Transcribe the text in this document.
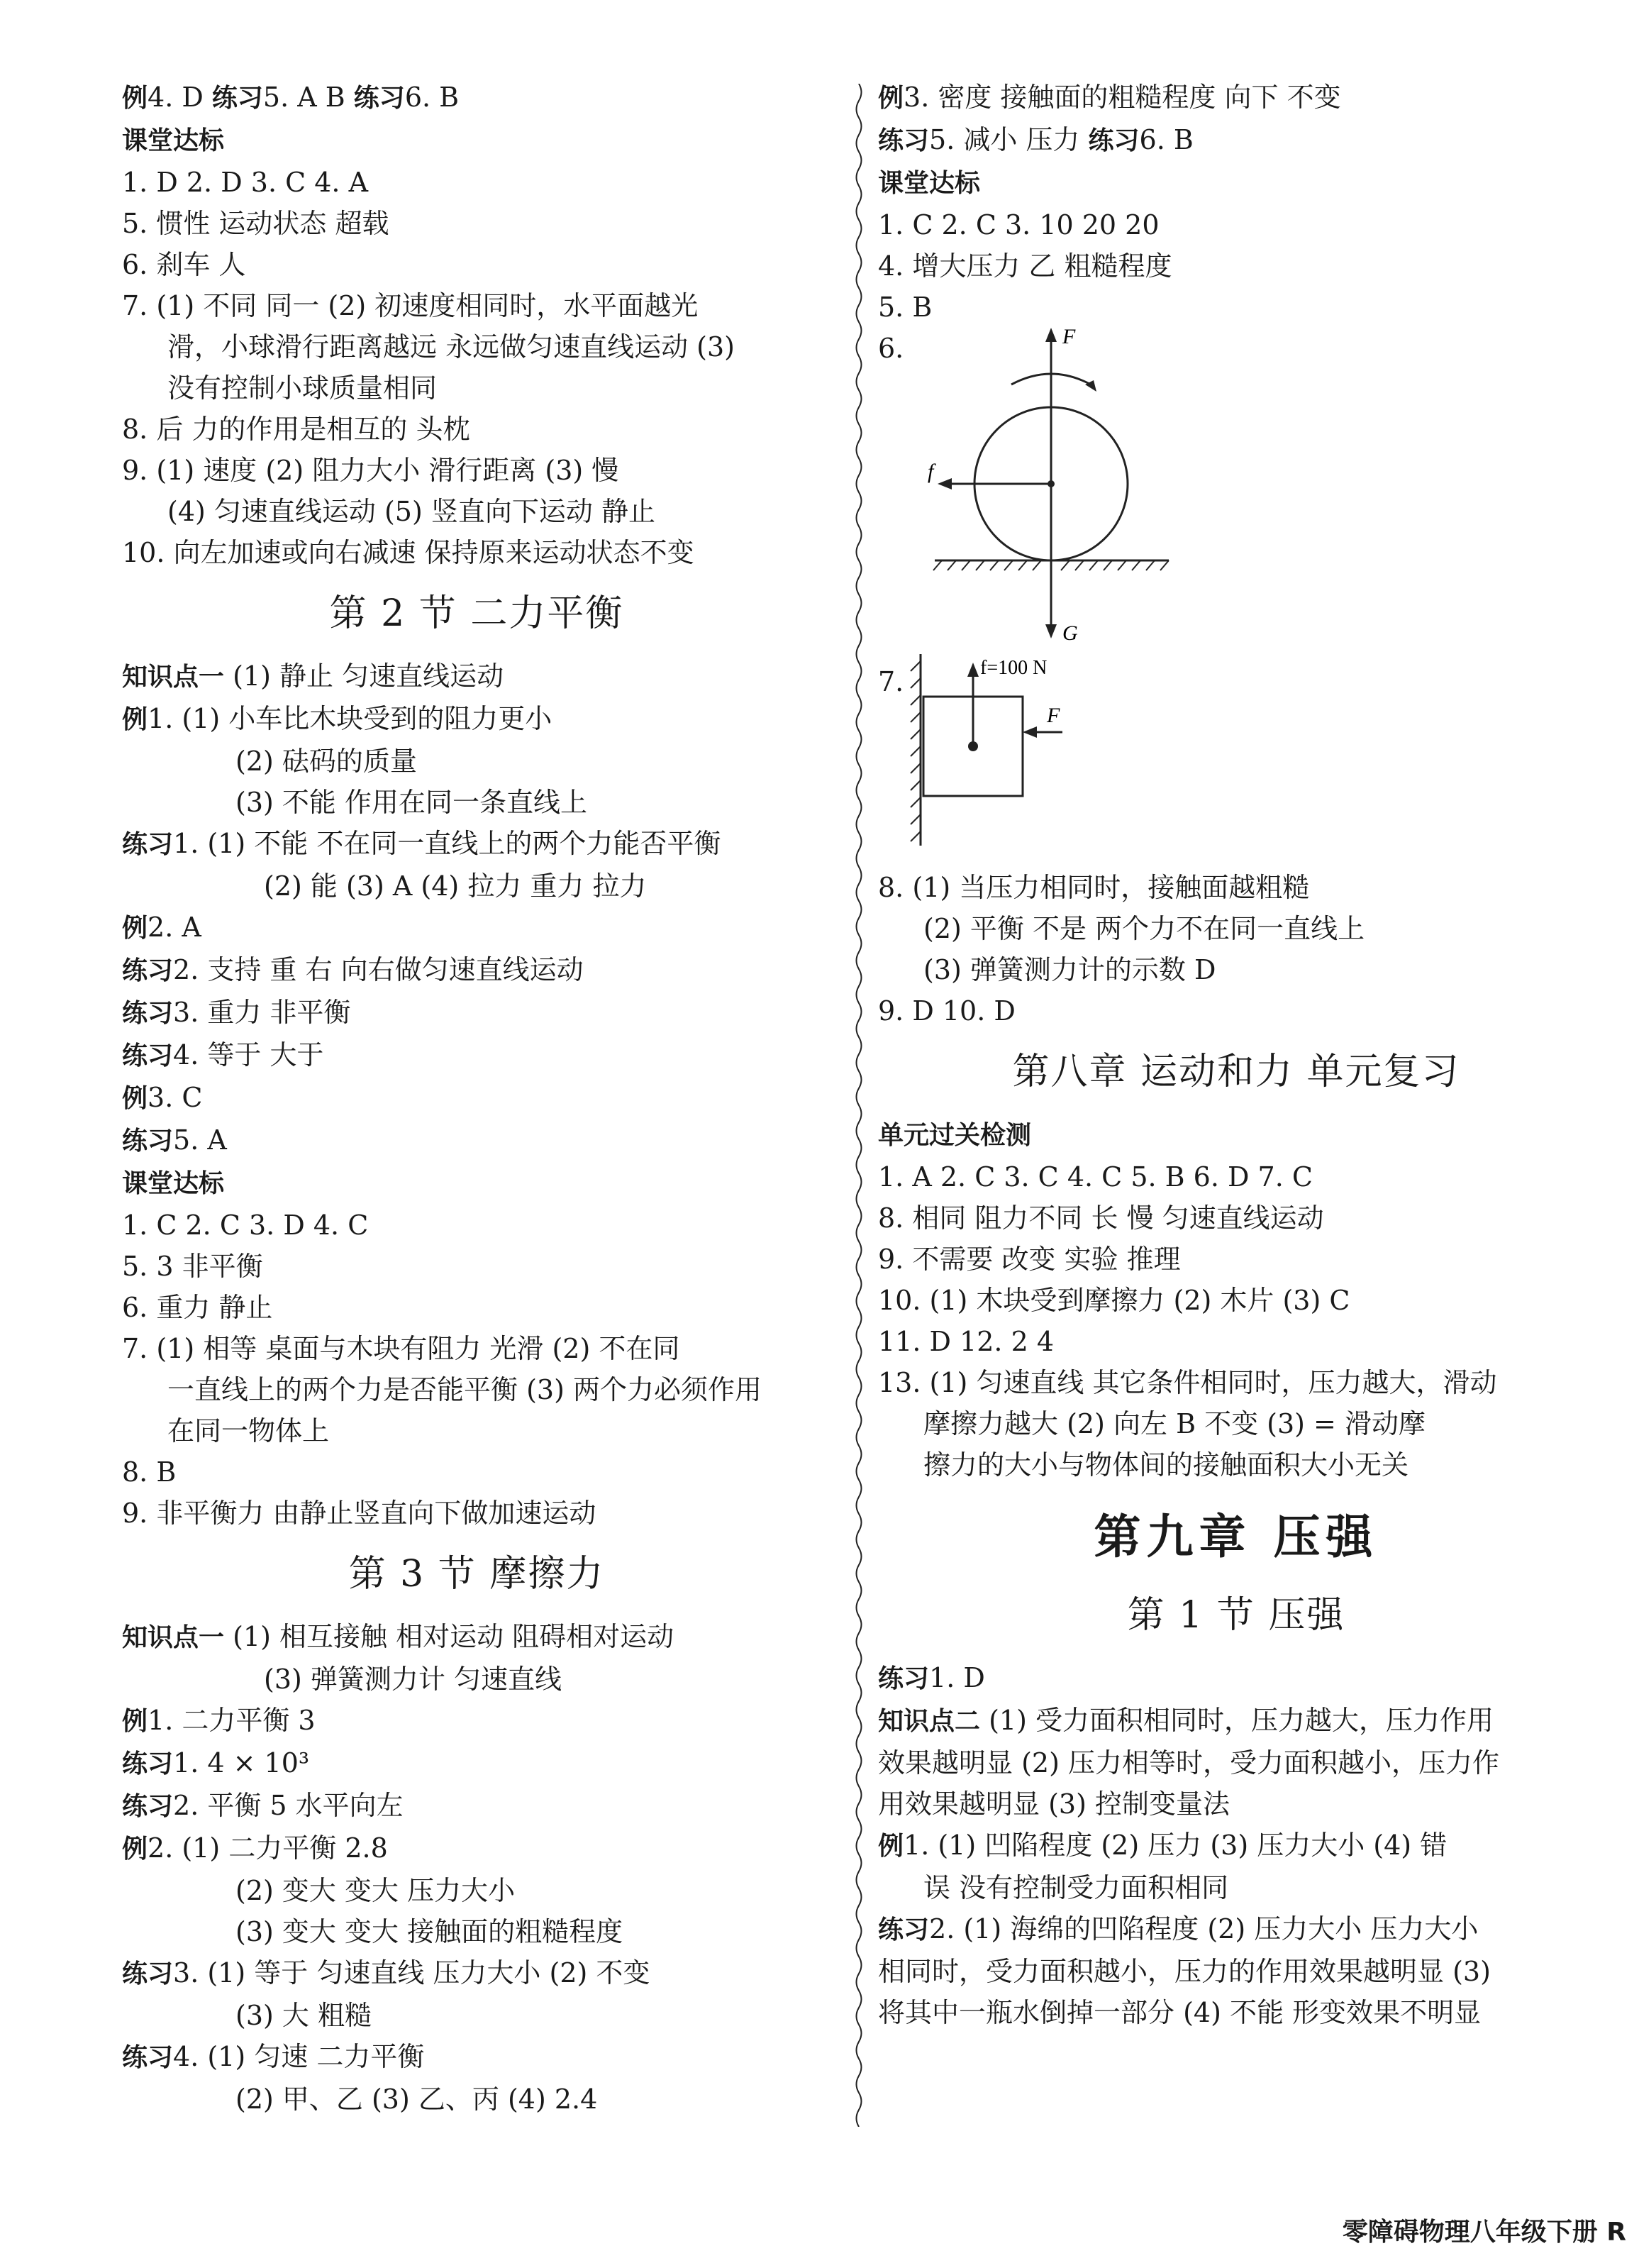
例4. D 练习5. A B 练习6. B
课堂达标
1. D 2. D 3. C 4. A
5. 惯性 运动状态 超载
6. 刹车 人
7. (1) 不同 同一 (2) 初速度相同时，水平面越光
滑，小球滑行距离越远 永远做匀速直线运动 (3)
没有控制小球质量相同
8. 后 力的作用是相互的 头枕
9. (1) 速度 (2) 阻力大小 滑行距离 (3) 慢
(4) 匀速直线运动 (5) 竖直向下运动 静止
10. 向左加速或向右减速 保持原来运动状态不变
第 2 节 二力平衡
知识点一 (1) 静止 匀速直线运动
例1. (1) 小车比木块受到的阻力更小
(2) 砝码的质量
(3) 不能 作用在同一条直线上
练习1. (1) 不能 不在同一直线上的两个力能否平衡
(2) 能 (3) A (4) 拉力 重力 拉力
例2. A
练习2. 支持 重 右 向右做匀速直线运动
练习3. 重力 非平衡
练习4. 等于 大于
例3. C
练习5. A
课堂达标
1. C 2. C 3. D 4. C
5. 3 非平衡
6. 重力 静止
7. (1) 相等 桌面与木块有阻力 光滑 (2) 不在同
一直线上的两个力是否能平衡 (3) 两个力必须作用
在同一物体上
8. B
9. 非平衡力 由静止竖直向下做加速运动
第 3 节 摩擦力
知识点一 (1) 相互接触 相对运动 阻碍相对运动
(3) 弹簧测力计 匀速直线
例1. 二力平衡 3
练习1. 4 × 10³
练习2. 平衡 5 水平向左
例2. (1) 二力平衡 2.8
(2) 变大 变大 压力大小
(3) 变大 变大 接触面的粗糙程度
练习3. (1) 等于 匀速直线 压力大小 (2) 不变
(3) 大 粗糙
练习4. (1) 匀速 二力平衡
(2) 甲、乙 (3) 乙、丙 (4) 2.4
例3. 密度 接触面的粗糙程度 向下 不变
练习5. 减小 压力 练习6. B
课堂达标
1. C 2. C 3. 10 20 20
4. 增大压力 乙 粗糙程度
5. B
6.	F
f
G
7.	f=100 N
F
8. (1) 当压力相同时，接触面越粗糙
(2) 平衡 不是 两个力不在同一直线上
(3) 弹簧测力计的示数 D
9. D 10. D
第八章 运动和力 单元复习
单元过关检测
1. A 2. C 3. C 4. C 5. B 6. D 7. C
8. 相同 阻力不同 长 慢 匀速直线运动
9. 不需要 改变 实验 推理
10. (1) 木块受到摩擦力 (2) 木片 (3) C
11. D 12. 2 4
13. (1) 匀速直线 其它条件相同时，压力越大，滑动
摩擦力越大 (2) 向左 B 不变 (3) = 滑动摩
擦力的大小与物体间的接触面积大小无关
第九章 压强
第 1 节 压强
练习1. D
知识点二 (1) 受力面积相同时，压力越大，压力作用
效果越明显 (2) 压力相等时，受力面积越小，压力作
用效果越明显 (3) 控制变量法
例1. (1) 凹陷程度 (2) 压力 (3) 压力大小 (4) 错
误 没有控制受力面积相同
练习2. (1) 海绵的凹陷程度 (2) 压力大小 压力大小
相同时，受力面积越小，压力的作用效果越明显 (3)
将其中一瓶水倒掉一部分 (4) 不能 形变效果不明显
零障碍物理八年级下册 R
